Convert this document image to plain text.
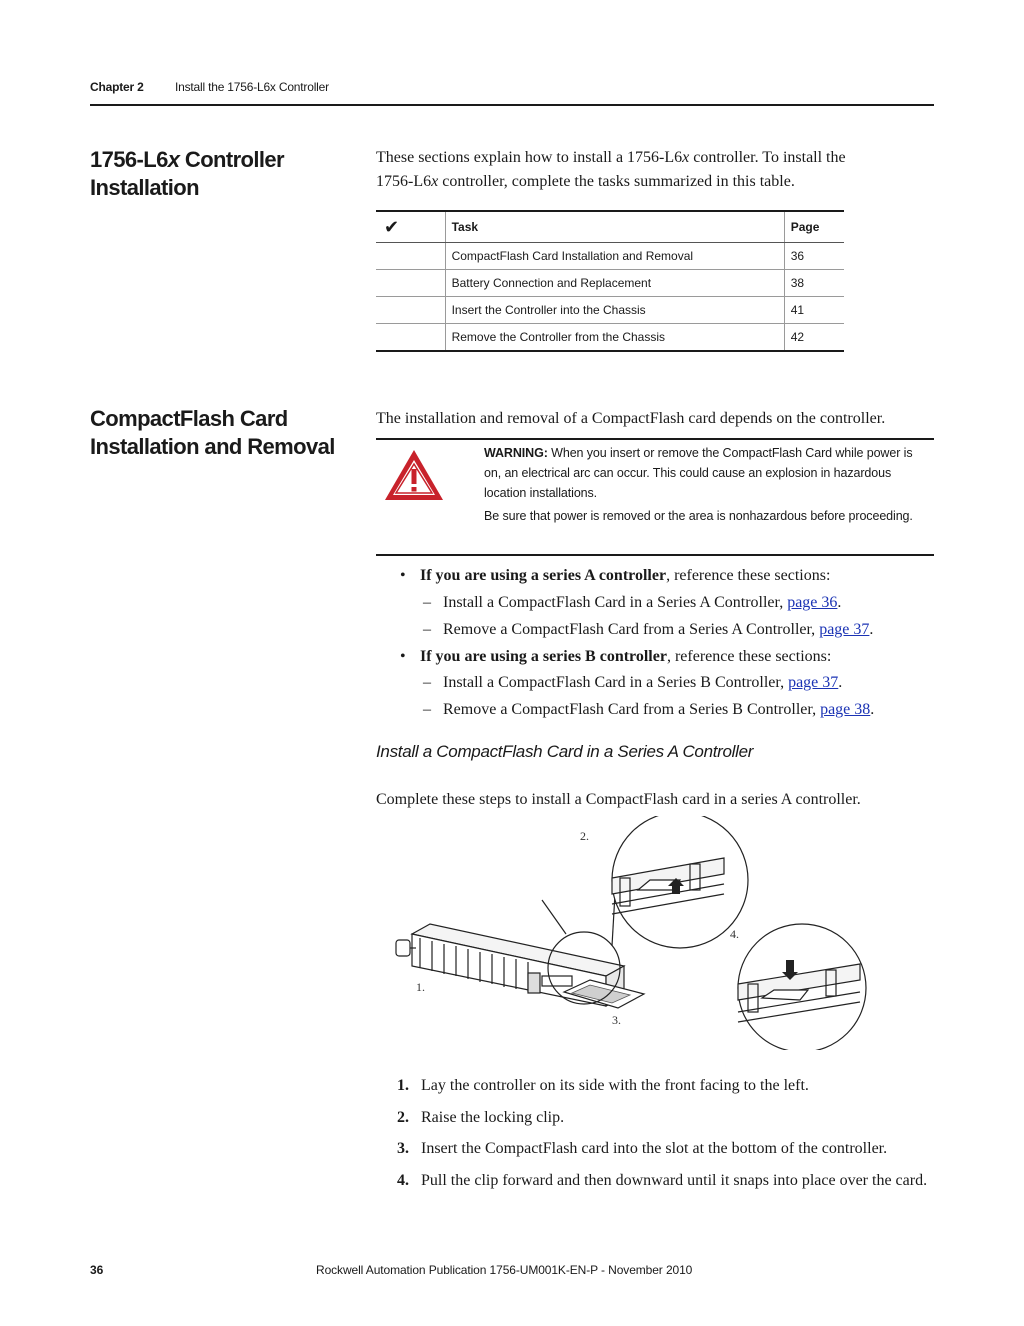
Chapter 2	Install the 1756-L6x Controller
1756-L6x Controller
Installation
These sections explain how to install a 1756-L6x controller. To install the
1756-L6x controller, complete the tasks summarized in this table.
✔	Task	Page
	CompactFlash Card Installation and Removal	36
	Battery Connection and Replacement	38
	Insert the Controller into the Chassis	41
	Remove the Controller from the Chassis	42
CompactFlash Card
Installation and Removal
The installation and removal of a CompactFlash card depends on the controller.

WARNING: When you insert or remove the CompactFlash Card while power is on, an electrical arc can occur. This could cause an explosion in hazardous location installations.

Be sure that power is removed or the area is nonhazardous before proceeding.

• If you are using a series A controller, reference these sections:
– Install a CompactFlash Card in a Series A Controller, page 36.
– Remove a CompactFlash Card from a Series A Controller, page 37.
• If you are using a series B controller, reference these sections:
– Install a CompactFlash Card in a Series B Controller, page 37.
– Remove a CompactFlash Card from a Series B Controller, page 38.
Install a CompactFlash Card in a Series A Controller
Complete these steps to install a CompactFlash card in a series A controller.
1.
2.
3.
4.
1. Lay the controller on its side with the front facing to the left.
2. Raise the locking clip.
3. Insert the CompactFlash card into the slot at the bottom of the controller.
4. Pull the clip forward and then downward until it snaps into place over the card.
36	Rockwell Automation Publication 1756-UM001K-EN-P - November 2010
